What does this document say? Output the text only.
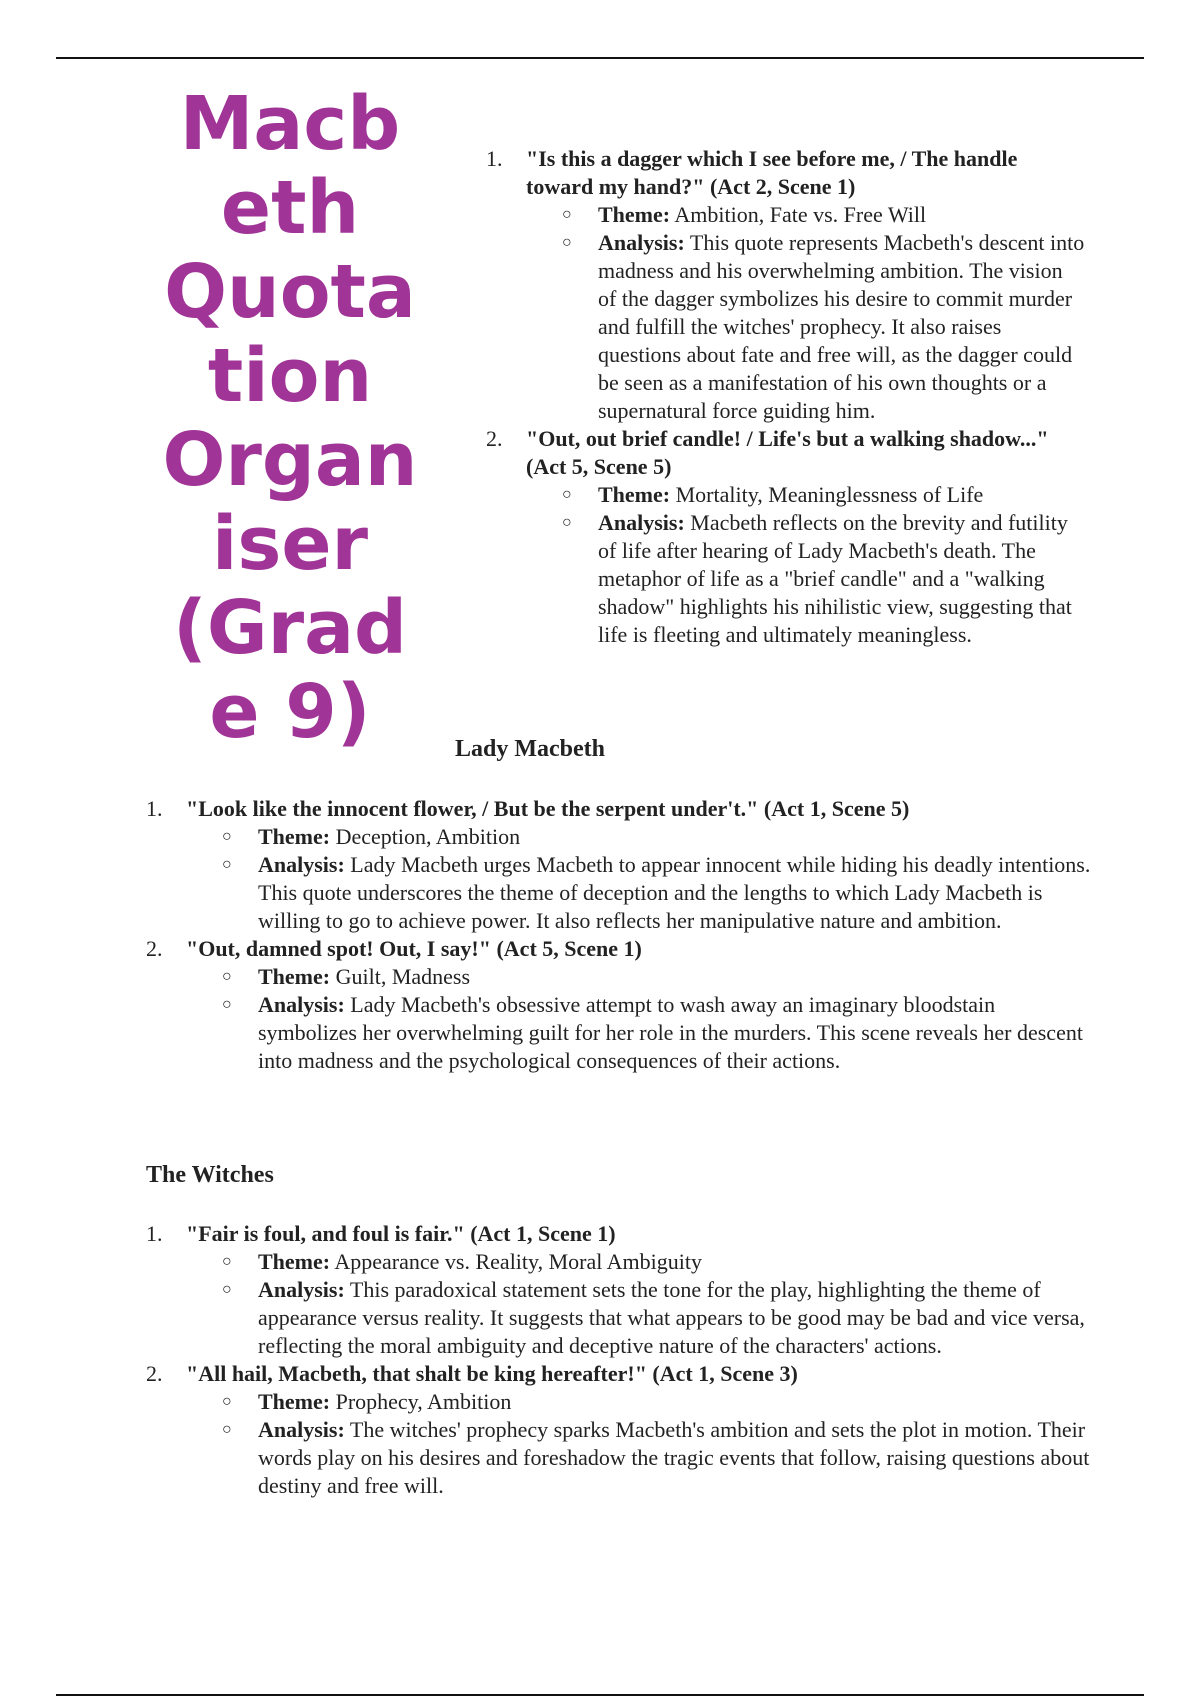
Macb
eth
Quota
tion
Organ
iser
(Grad
e 9)
1. "Is this a dagger which I see before me, / The handle toward my hand?" (Act 2, Scene 1)
○ Theme: Ambition, Fate vs. Free Will
○ Analysis: This quote represents Macbeth's descent into madness and his overwhelming ambition. The vision of the dagger symbolizes his desire to commit murder and fulfill the witches' prophecy. It also raises questions about fate and free will, as the dagger could be seen as a manifestation of his own thoughts or a supernatural force guiding him.
2. "Out, out brief candle! / Life's but a walking shadow..." (Act 5, Scene 5)
○ Theme: Mortality, Meaninglessness of Life
○ Analysis: Macbeth reflects on the brevity and futility of life after hearing of Lady Macbeth's death. The metaphor of life as a "brief candle" and a "walking shadow" highlights his nihilistic view, suggesting that life is fleeting and ultimately meaningless.
Lady Macbeth
1. "Look like the innocent flower, / But be the serpent under't." (Act 1, Scene 5)
○ Theme: Deception, Ambition
○ Analysis: Lady Macbeth urges Macbeth to appear innocent while hiding his deadly intentions. This quote underscores the theme of deception and the lengths to which Lady Macbeth is willing to go to achieve power. It also reflects her manipulative nature and ambition.
2. "Out, damned spot! Out, I say!" (Act 5, Scene 1)
○ Theme: Guilt, Madness
○ Analysis: Lady Macbeth's obsessive attempt to wash away an imaginary bloodstain symbolizes her overwhelming guilt for her role in the murders. This scene reveals her descent into madness and the psychological consequences of their actions.
The Witches
1. "Fair is foul, and foul is fair." (Act 1, Scene 1)
○ Theme: Appearance vs. Reality, Moral Ambiguity
○ Analysis: This paradoxical statement sets the tone for the play, highlighting the theme of appearance versus reality. It suggests that what appears to be good may be bad and vice versa, reflecting the moral ambiguity and deceptive nature of the characters' actions.
2. "All hail, Macbeth, that shalt be king hereafter!" (Act 1, Scene 3)
○ Theme: Prophecy, Ambition
○ Analysis: The witches' prophecy sparks Macbeth's ambition and sets the plot in motion. Their words play on his desires and foreshadow the tragic events that follow, raising questions about destiny and free will.
